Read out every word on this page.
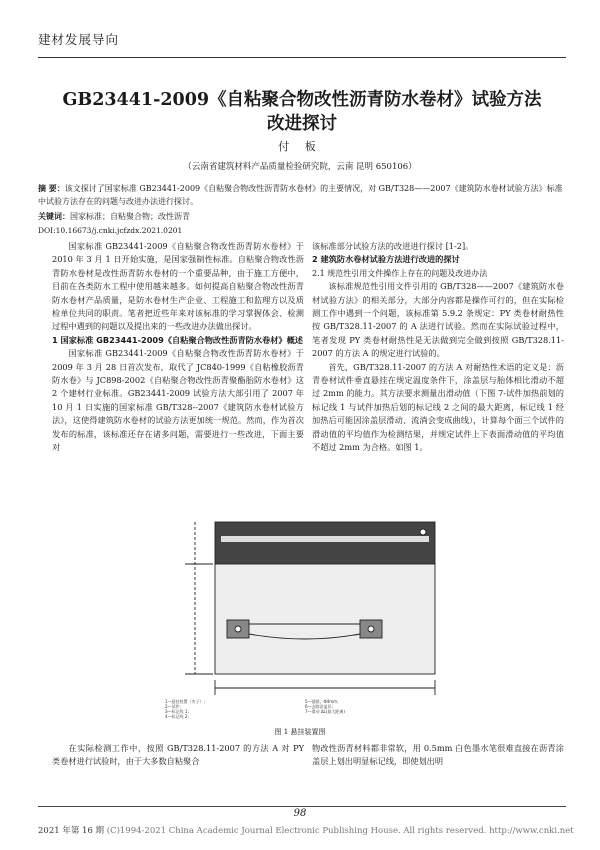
建材发展导向
GB23441-2009《自粘聚合物改性沥青防水卷材》试验方法
改进探讨
付 板
（云南省建筑材料产品质量检验研究院，云南 昆明 650106）
摘 要：该文探讨了国家标准 GB23441-2009《自粘聚合物改性沥青防水卷材》的主要情况，对 GB/T328——2007《建筑防水卷材试验方法》标准中试验方法存在的问题与改进办法进行探讨。
关键词：国家标准；自粘聚合物；改性沥青
DOI:10.16673/j.cnki.jcfzdx.2021.0201

国家标准 GB23441-2009《自粘聚合物改性沥青防水卷材》于 2010 年 3 月 1 日开始实施，是国家强制性标准。自粘聚合物改性沥青防水卷材是改性沥青防水卷材的一个重要品种，由于施工方便中，目前在各类防水工程中使用越来越多。如何提高自粘聚合物改性沥青防水卷材产品质量，是防水卷材生产企业、工程施工和监理方以及质检单位共同的职责。笔者把近些年来对该标准的学习掌握体会、检测过程中遇到的问题以及提出来的一些改进办法做出探讨。

1 国家标准 GB23441-2009《自粘聚合物改性沥青防水卷材》概述

国家标准 GB23441-2009《自粘聚合物改性沥青防水卷材》于 2009 年 3 月 28 日首次发布，取代了 JC840-1999《自粘橡胶沥青防水卷》与 JC898-2002《自粘聚合物改性沥青聚酯胎防水卷材》这 2 个建材行业标准。GB23441-2009 试验方法大部引用了 2007 年 10 月 1 日实施的国家标准 GB/T328--2007《建筑防水卷材试验方法》，这使得建筑防水卷材的试验方法更加统一规范。然而，作为首次发布的标准，该标准还存在诸多问题，需要进行一些改进，下面主要对

该标准部分试验方法的改进进行探讨 [1-2]。

2 建筑防水卷材试验方法进行改进的探讨
2.1 规范性引用文件操作上存在的问题及改进办法

该标准规范性引用文件引用的 GB/T328——2007《建筑防水卷材试验方法》的相关部分，大部分内容都是操作可行的，但在实际检测工作中遇到一个问题，该标准第 5.9.2 条规定：PY 类卷材耐热性按 GB/T328.11-2007 的 A 法进行试验。然而在实际试验过程中，笔者发现 PY 类卷材耐热性是无法做到完全做到按照 GB/T328.11-2007 的方法 A 的规定进行试验的。

首先，GB/T328.11-2007 的方法 A 对耐热性术语的定义是：沥青卷材试件垂直悬挂在规定温度条件下，涂盖层与胎体相比滑动不超过 2mm 的能力。其方法要求测量出滑动值（下图 7-试件加热前划的标记线 1 与试件加热后划的标记线 2 之间的最大距离，标记线 1 经加热后可能因涂盖层滑动、流淌会变成曲线），计算每个面三个试件的滑动值的平均值作为检测结果，并规定试件上下表面滑动值的平均值不超过 2mm 为合格。如图 1。

1—悬挂装置（夹子）；
2—试件；
3—标记线 1；
4—标记线 2；
5—插销，Φ4mm；
6—去除涂盖层；
7—滑动 ΔL(最大距离)
图 1 悬挂装置图

在实际检测工作中，按照 GB/T328.11-2007 的方法 A 对 PY 类卷材进行试验时，由于大多数自粘聚合

物改性沥青材料都非常软，用 0.5mm 白色墨水笔很难直接在沥青涂盖层上划出明显标记线，即使划出明

98
2021 年第 16 期 (C)1994-2021 China Academic Journal Electronic Publishing House. All rights reserved. http://www.cnki.net
